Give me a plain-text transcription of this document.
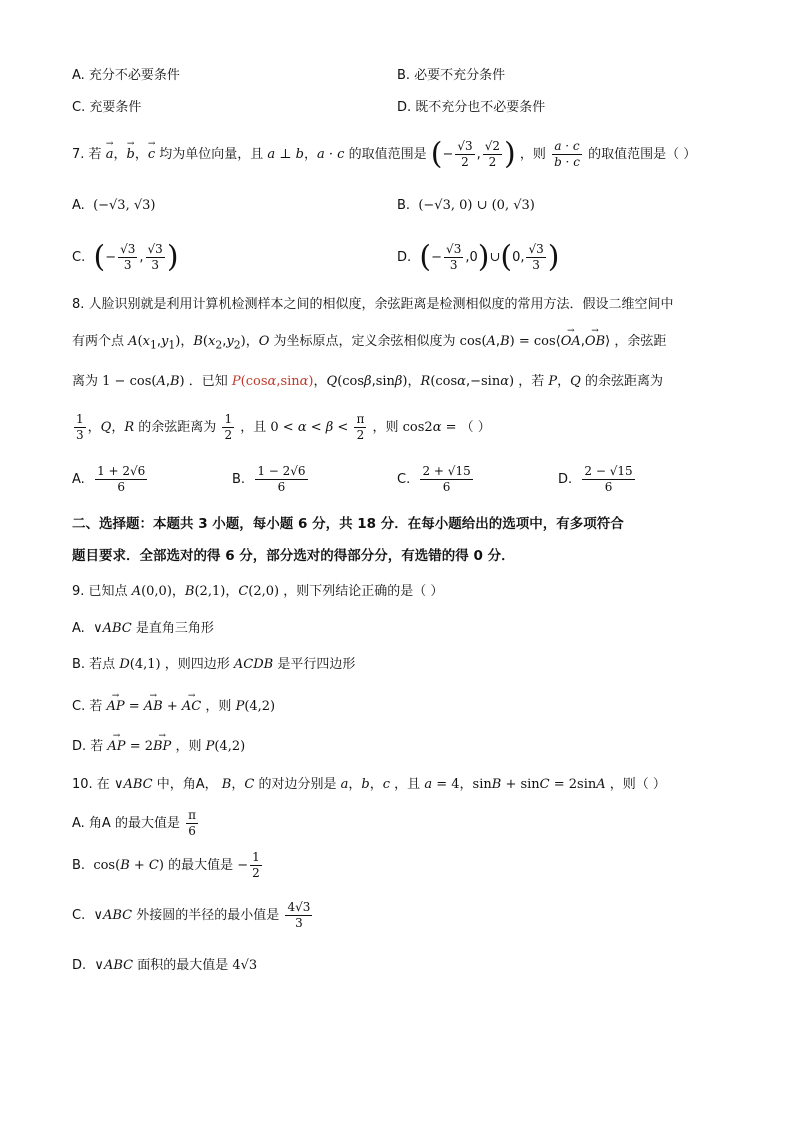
A. 充分不必要条件	B. 必要不充分条件
C. 充要条件	D. 既不充分也不必要条件
7. 若 → a，→ b，→ c 均为单位向量，且 a ⊥ b，a · c 的取值范围是 (− $\frac{√3}{2}$ , $\frac{√2}{2}$ ) ，则 $\frac{a \cdot c}{b \cdot c}$ 的取值范围是（ ）
A. (−√3, √3)	B. (−√3, 0) ∪ (0, √3)
C. (− $\frac{√3}{3}$ , $\frac{√3}{3}$ )	D. (− $\frac{√3}{3}$ ,0)∪(0, $\frac{√3}{3}$ )
8. 人脸识别就是利用计算机检测样本之间的相似度，余弦距离是检测相似度的常用方法．假设二维空间中
有两个点 $A(x_1,y_1)$，$B(x_2,y_2)$，O 为坐标原点，定义余弦相似度为 cos(A,B) = cos⟨→ OA,→ OB⟩ ，余弦距
离为 1 − cos(A,B) ．已知 P(cosα,sinα)，Q(cosβ,sinβ)，R(cosα,−sinα) ，若 P，Q 的余弦距离为
$\frac{1}{3}$ ，Q，R 的余弦距离为 $\frac{1}{2}$ ，且 $0 < \alpha < \beta < \frac{\pi}{2}$ ，则 cos2α = （ ）
A. $\frac{1 + 2√6}{6}$	B. $\frac{1 - 2√6}{6}$	C. $\frac{2 + √15}{6}$	D. $\frac{2 - √15}{6}$
二、选择题：本题共 3 小题，每小题 6 分，共 18 分．在每小题给出的选项中，有多项符合
题目要求．全部选对的得 6 分，部分选对的得部分分，有选错的得 0 分．
9. 已知点 A(0,0)，B(2,1)，C(2,0) ，则下列结论正确的是（ ）
A. ∨ABC 是直角三角形
B. 若点 D(4,1) ，则四边形 ACDB 是平行四边形
C. 若 → AP = → AB + → AC ，则 P(4,2)
D. 若 → AP = 2→ BP ，则 P(4,2)
10. 在 ∨ABC 中，角A， B，C 的对边分别是 a，b，c ，且 a = 4，sinB + sinC = 2sinA ，则（ ）
A. 角A 的最大值是 $\frac{\pi}{6}$
B. cos(B + C) 的最大值是 − $\frac{1}{2}$
C. ∨ABC 外接圆的半径的最小值是 $\frac{4√3}{3}$
D. ∨ABC 面积的最大值是 4√3
